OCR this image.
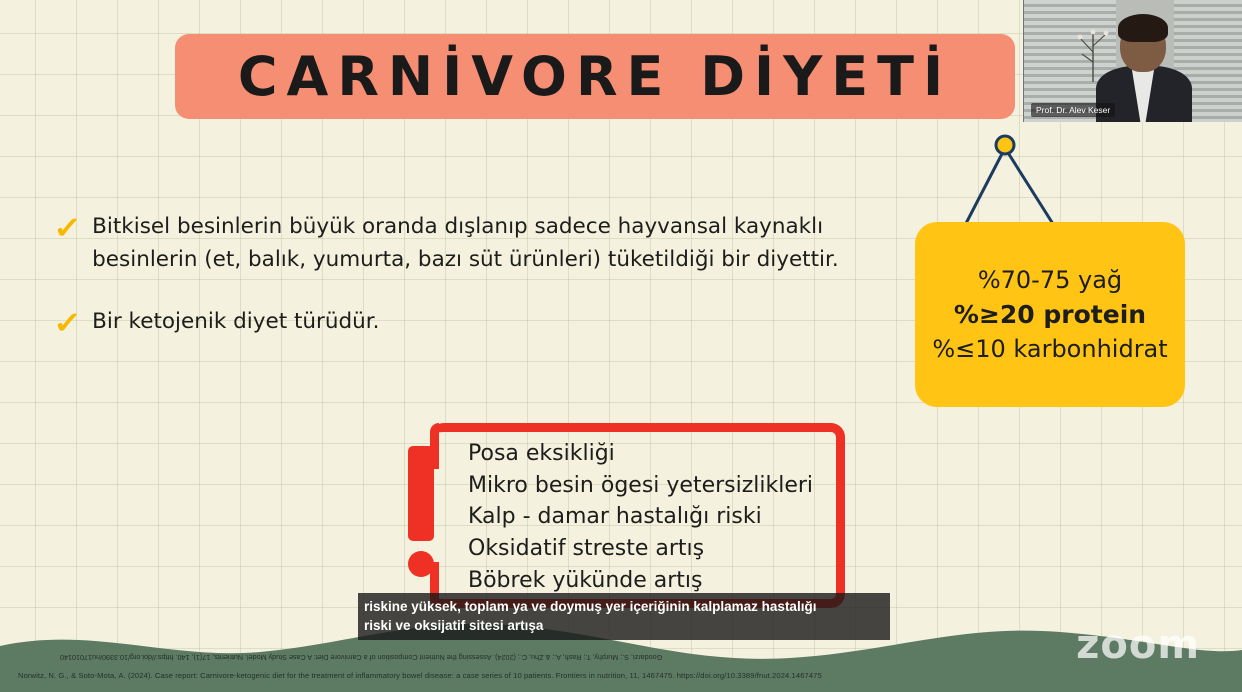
CARNİVORE DİYETİ
✓ Bitkisel besinlerin büyük oranda dışlanıp sadece hayvansal kaynaklı besinlerin (et, balık, yumurta, bazı süt ürünleri) tüketildiği bir diyettir.
✓ Bir ketojenik diyet türüdür.
%70-75 yağ
%≥20 protein
%≤10 karbonhidrat
Posa eksikliği
Mikro besin ögesi yetersizlikleri
Kalp - damar hastalığı riski
Oksidatif streste artış
Böbrek yükünde artış
Goodarzi, S.; Murphy, T.; Rash, A.; & Zhu, C.; (2024). Assessing the Nutrient Composition of a Carnivore Diet: A Case Study Model. Nutrients, 17(1), 140. https://doi.org/10.3390/nu17010140
Norwitz, N. G., & Soto-Mota, A. (2024). Case report: Carnivore-ketogenic diet for the treatment of inflammatory bowel disease: a case series of 10 patients. Frontiers in nutrition, 11, 1467475. https://doi.org/10.3389/fnut.2024.1467475
zoom
riskine yüksek, toplam ya ve doymuş yer içeriğinin kalplamaz hastalığı
riski ve oksijatif sitesi artışa
Prof. Dr. Alev Keser
